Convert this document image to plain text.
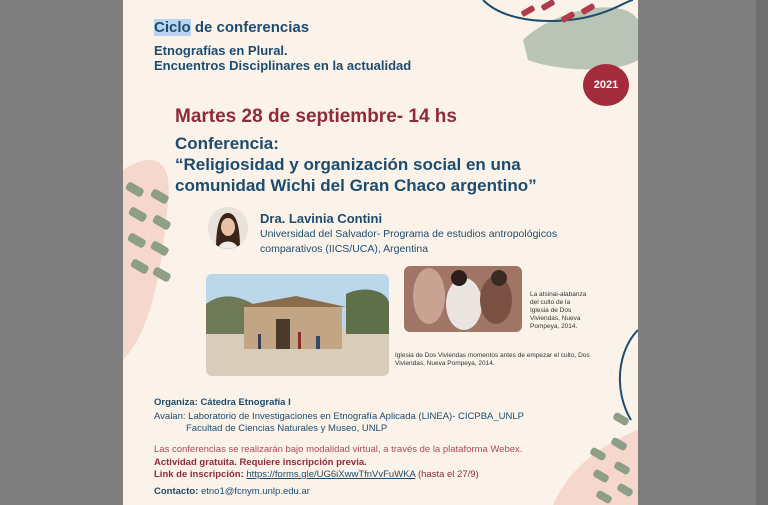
Ciclo de conferencias
Etnografías en Plural.
Encuentros Disciplinares en la actualidad
2021
Martes 28 de septiembre- 14 hs
Conferencia:
“Religiosidad y organización social en una
comunidad Wichi del Gran Chaco argentino”
Dra. Lavinia Contini
Universidad del Salvador- Programa de estudios antropológicos comparativos (IICS/UCA), Argentina
La atsinai-alabanza del culto de la Iglesia de Dos Viviendas, Nueva Pompeya, 2014.
Iglesia de Dos Viviendas momentos antes de empezar el culto, Dos Viviendas, Nueva Pompeya, 2014.
Organiza: Cátedra Etnografía I
Avalan: Laboratorio de Investigaciones en Etnografía Aplicada (LINEA)- CICPBA_UNLP
Facultad de Ciencias Naturales y Museo, UNLP
Las conferencias se realizarán bajo modalidad virtual, a través de la plataforma Webex.
Actividad gratuita. Requiere inscripción previa.
Link de inscripción: https://forms.gle/UG6iXwwTfnVvFuWKA (hasta el 27/9)
Contacto: etno1@fcnym.unlp.edu.ar
